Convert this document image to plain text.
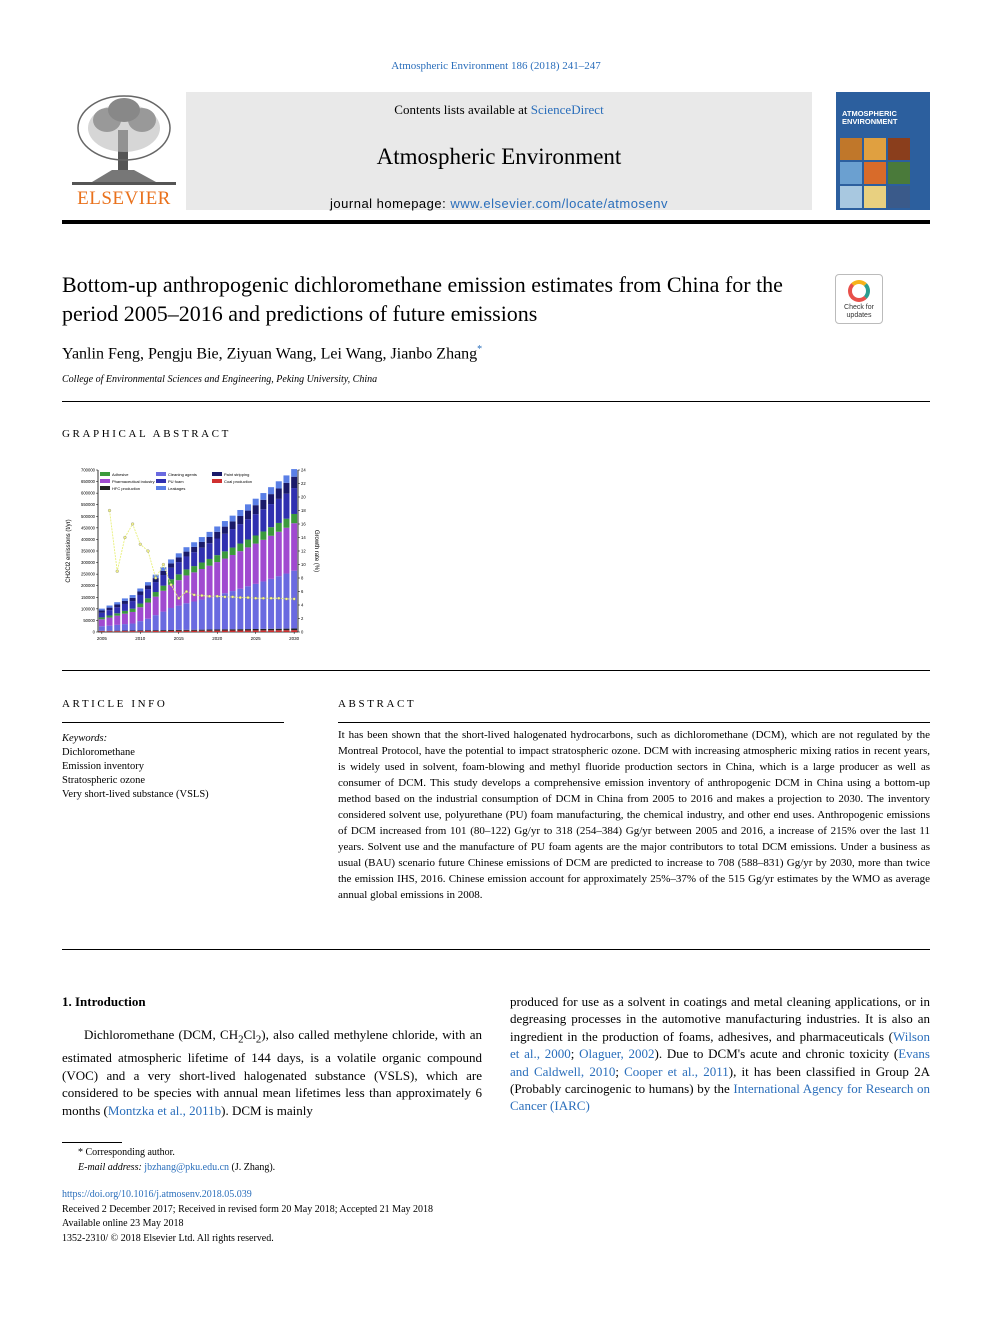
Atmospheric Environment 186 (2018) 241–247
ELSEVIER
Contents lists available at ScienceDirect
Atmospheric Environment
journal homepage: www.elsevier.com/locate/atmosenv
ATMOSPHERIC ENVIRONMENT
Bottom-up anthropogenic dichloromethane emission estimates from China for the period 2005–2016 and predictions of future emissions	Check for updates
Yanlin Feng, Pengju Bie, Ziyuan Wang, Lei Wang, Jianbo Zhang*
College of Environmental Sciences and Engineering, Peking University, China
GRAPHICAL ABSTRACT
0
50000
100000
150000
200000
250000
300000
350000
400000
450000
500000
550000
600000
650000
700000
0
2
4
6
8
10
12
14
16
18
20
22
24
CH2Cl2 emissions (t/yr)	Growth rate (%)
2005	2010	2015	2020	2025	2030
Adhesive	Cleaning agents	Paint stripping
Pharmaceutical industry	PU foam	Coal production
HFC production	Leakages
ARTICLE INFO
Keywords:
Dichloromethane
Emission inventory
Stratospheric ozone
Very short-lived substance (VSLS)
ABSTRACT
It has been shown that the short-lived halogenated hydrocarbons, such as dichloromethane (DCM), which are not regulated by the Montreal Protocol, have the potential to impact stratospheric ozone. DCM with increasing atmospheric mixing ratios in recent years, is widely used in solvent, foam-blowing and methyl fluoride production sectors in China, which is a large producer as well as consumer of DCM. This study develops a comprehensive emission inventory of anthropogenic DCM in China using a bottom-up method based on the industrial consumption of DCM in China from 2005 to 2016 and makes a projection to 2030. The inventory considered solvent use, polyurethane (PU) foam manufacturing, the chemical industry, and other end uses. Anthropogenic emissions of DCM increased from 101 (80–122) Gg/yr to 318 (254–384) Gg/yr between 2005 and 2016, a increase of 215% over the last 11 years. Solvent use and the manufacture of PU foam agents are the major contributors to total DCM emissions. Under a business as usual (BAU) scenario future Chinese emissions of DCM are predicted to increase to 708 (588–831) Gg/yr by 2030, more than twice the emission IHS, 2016. Chinese emission account for approximately 25%–37% of the 515 Gg/yr estimates by the WMO as average annual global emissions in 2008.
1. Introduction
Dichloromethane (DCM, $CH_2Cl_2$), also called methylene chloride, with an estimated atmospheric lifetime of 144 days, is a volatile organic compound (VOC) and a very short-lived halogenated substance (VSLS), which are considered to be species with annual mean lifetimes less than approximately 6 months (Montzka et al., 2011b). DCM is mainly
produced for use as a solvent in coatings and metal cleaning applications, or in degreasing processes in the automotive manufacturing industries. It is also an ingredient in the production of foams, adhesives, and pharmaceuticals (Wilson et al., 2000; Olaguer, 2002). Due to DCM's acute and chronic toxicity (Evans and Caldwell, 2010; Cooper et al., 2011), it has been classified in Group 2A (Probably carcinogenic to humans) by the International Agency for Research on Cancer (IARC)
* Corresponding author.
E-mail address: jbzhang@pku.edu.cn (J. Zhang).
https://doi.org/10.1016/j.atmosenv.2018.05.039
Received 2 December 2017; Received in revised form 20 May 2018; Accepted 21 May 2018
Available online 23 May 2018
1352-2310/ © 2018 Elsevier Ltd. All rights reserved.
